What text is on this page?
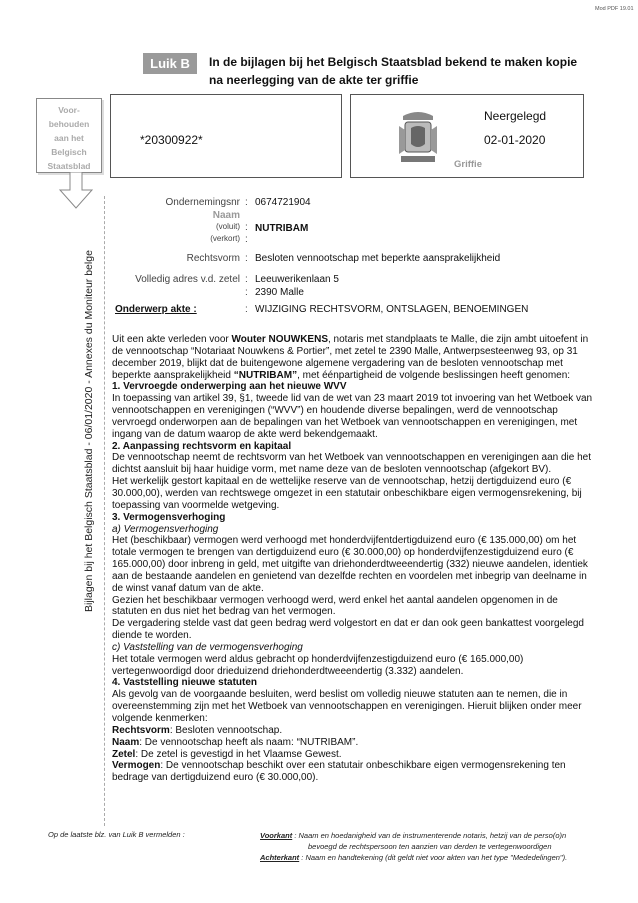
Mod PDF 19.01
Luik B	In de bijlagen bij het Belgisch Staatsblad bekend te maken kopie
na neerlegging van de akte ter griffie
Voor-
behouden
aan het
Belgisch
Staatsblad
*20300922*
Neergelegd
02-01-2020
Griffie
Bijlagen bij het Belgisch Staatsblad - 06/01/2020 - Annexes du Moniteur belge
Ondernemingsnr : 0674721904
Naam
(voluit) : NUTRIBAM
(verkort) :
Rechtsvorm : Besloten vennootschap met beperkte aansprakelijkheid
Volledig adres v.d. zetel : Leeuwerikenlaan 5
: 2390 Malle
Onderwerp akte :	: WIJZIGING RECHTSVORM, ONTSLAGEN, BENOEMINGEN

Uit een akte verleden voor Wouter NOUWKENS, notaris met standplaats te Malle, die zijn ambt uitoefent in de vennootschap “Notariaat Nouwkens & Portier”, met zetel te 2390 Malle, Antwerpsesteenweg 93, op 31 december 2019, blijkt dat de buitengewone algemene vergadering van de besloten vennootschap met beperkte aansprakelijkheid “NUTRIBAM”, met éénpartigheid de volgende beslissingen heeft genomen:

1. Vervroegde onderwerping aan het nieuwe WVV

In toepassing van artikel 39, §1, tweede lid van de wet van 23 maart 2019 tot invoering van het Wetboek van vennootschappen en verenigingen (“WVV”) en houdende diverse bepalingen, werd de vennootschap vervroegd onderworpen aan de bepalingen van het Wetboek van vennootschappen en verenigingen, met ingang van de datum waarop de akte werd bekendgemaakt.

2. Aanpassing rechtsvorm en kapitaal

De vennootschap neemt de rechtsvorm van het Wetboek van vennootschappen en verenigingen aan die het dichtst aansluit bij haar huidige vorm, met name deze van de besloten vennootschap (afgekort BV).

Het werkelijk gestort kapitaal en de wettelijke reserve van de vennootschap, hetzij dertigduizend euro (€ 30.000,00), werden van rechtswege omgezet in een statutair onbeschikbare eigen vermogensrekening, bij toepassing van voormelde wetgeving.

3. Vermogensverhoging

a) Vermogensverhoging

Het (beschikbaar) vermogen werd verhoogd met honderdvijfentdertigduizend euro (€ 135.000,00) om het totale vermogen te brengen van dertigduizend euro (€ 30.000,00) op honderdvijfenzestigduizend euro (€ 165.000,00) door inbreng in geld, met uitgifte van driehonderdtweeendertig (332) nieuwe aandelen, identiek aan de bestaande aandelen en genietend van dezelfde rechten en voordelen met inbegrip van deelname in de winst vanaf datum van de akte.

Gezien het beschikbaar vermogen verhoogd werd, werd enkel het aantal aandelen opgenomen in de statuten en dus niet het bedrag van het vermogen.

De vergadering stelde vast dat geen bedrag werd volgestort en dat er dan ook geen bankattest voorgelegd diende te worden.

c) Vaststelling van de vermogensverhoging

Het totale vermogen werd aldus gebracht op honderdvijfenzestigduizend euro (€ 165.000,00) vertegenwoordigd door drieduizend driehonderdtweeendertig (3.332) aandelen.

4. Vaststelling nieuwe statuten

Als gevolg van de voorgaande besluiten, werd beslist om volledig nieuwe statuten aan te nemen, die in overeenstemming zijn met het Wetboek van vennootschappen en verenigingen. Hieruit blijken onder meer volgende kenmerken:

Rechtsvorm: Besloten vennootschap.

Naam: De vennootschap heeft als naam: “NUTRIBAM”.

Zetel: De zetel is gevestigd in het Vlaamse Gewest.

Vermogen: De vennootschap beschikt over een statutair onbeschikbare eigen vermogensrekening ten bedrage van dertigduizend euro (€ 30.000,00).

Op de laatste blz. van Luik B vermelden :	Voorkant : Naam en hoedanigheid van de instrumenterende notaris, hetzij van de perso(o)n
bevoegd de rechtspersoon ten aanzien van derden te vertegenwoordigen
Achterkant : Naam en handtekening (dit geldt niet voor akten van het type "Mededelingen").
